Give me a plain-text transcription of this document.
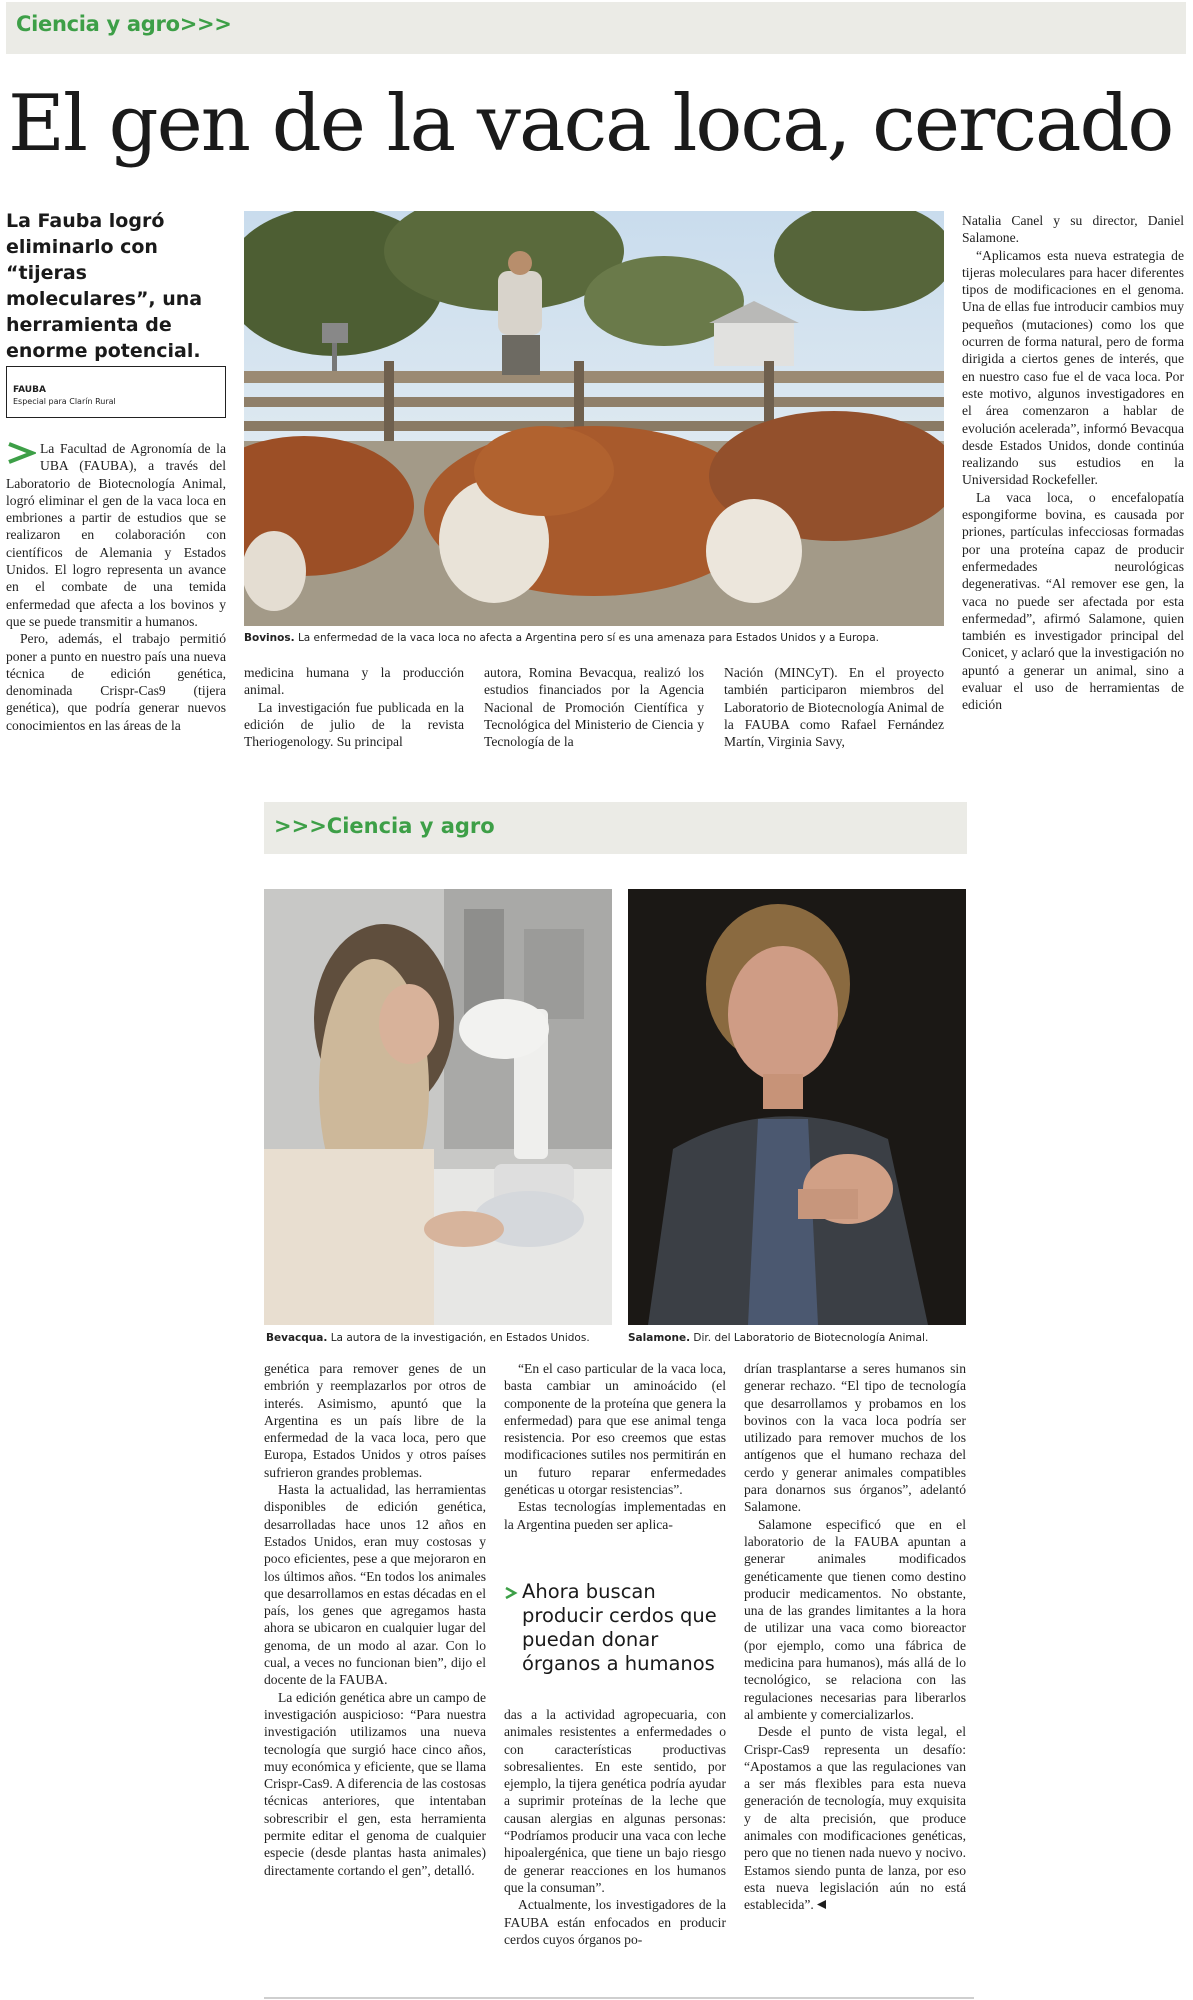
Ciencia y agro>>>
El gen de la vaca loca, cercado
La Fauba logró eliminarlo con “tijeras moleculares”, una herramienta de enorme potencial.
FAUBA
Especial para Clarín Rural

La Facultad de Agronomía de la UBA (FAUBA), a través del Laboratorio de Biotecnología Animal, logró eliminar el gen de la vaca loca en embriones a partir de estudios que se realizaron en colaboración con científicos de Alemania y Estados Unidos. El logro representa un avance en el combate de una temida enfermedad que afecta a los bovinos y que se puede transmitir a humanos.

Pero, además, el trabajo permitió poner a punto en nuestro país una nueva técnica de edición genética, denominada Crispr-Cas9 (tijera genética), que podría generar nuevos conocimientos en las áreas de la

Bovinos. La enfermedad de la vaca loca no afecta a Argentina pero sí es una amenaza para Estados Unidos y a Europa.

medicina humana y la producción animal.

La investigación fue publicada en la edición de julio de la revista Theriogenology. Su principal

autora, Romina Bevacqua, realizó los estudios financiados por la Agencia Nacional de Promoción Científica y Tecnológica del Ministerio de Ciencia y Tecnología de la

Nación (MINCyT). En el proyecto también participaron miembros del Laboratorio de Biotecnología Animal de la FAUBA como Rafael Fernández Martín, Virginia Savy,

Natalia Canel y su director, Daniel Salamone.

“Aplicamos esta nueva estrategia de tijeras moleculares para hacer diferentes tipos de modificaciones en el genoma. Una de ellas fue introducir cambios muy pequeños (mutaciones) como los que ocurren de forma natural, pero de forma dirigida a ciertos genes de interés, que en nuestro caso fue el de vaca loca. Por este motivo, algunos investigadores en el área comenzaron a hablar de evolución acelerada”, informó Bevacqua desde Estados Unidos, donde continúa realizando sus estudios en la Universidad Rockefeller.

La vaca loca, o encefalopatía espongiforme bovina, es causada por priones, partículas infecciosas formadas por una proteína capaz de producir enfermedades neurológicas degenerativas. “Al remover ese gen, la vaca no puede ser afectada por esta enfermedad”, afirmó Salamone, quien también es investigador principal del Conicet, y aclaró que la investigación no apuntó a generar un animal, sino a evaluar el uso de herramientas de edición

>>>Ciencia y agro
Bevacqua. La autora de la investigación, en Estados Unidos.	Salamone. Dir. del Laboratorio de Biotecnología Animal.

genética para remover genes de un embrión y reemplazarlos por otros de interés. Asimismo, apuntó que la Argentina es un país libre de la enfermedad de la vaca loca, pero que Europa, Estados Unidos y otros países sufrieron grandes problemas.

Hasta la actualidad, las herramientas disponibles de edición genética, desarrolladas hace unos 12 años en Estados Unidos, eran muy costosas y poco eficientes, pese a que mejoraron en los últimos años. “En todos los animales que desarrollamos en estas décadas en el país, los genes que agregamos hasta ahora se ubicaron en cualquier lugar del genoma, de un modo al azar. Con lo cual, a veces no funcionan bien”, dijo el docente de la FAUBA.

La edición genética abre un campo de investigación auspicioso: “Para nuestra investigación utilizamos una nueva tecnología que surgió hace cinco años, muy económica y eficiente, que se llama Crispr-Cas9. A diferencia de las costosas técnicas anteriores, que intentaban sobrescribir el gen, esta herramienta permite editar el genoma de cualquier especie (desde plantas hasta animales) directamente cortando el gen”, detalló.

“En el caso particular de la vaca loca, basta cambiar un aminoácido (el componente de la proteína que genera la enfermedad) para que ese animal tenga resistencia. Por eso creemos que estas modificaciones sutiles nos permitirán en un futuro reparar enfermedades genéticas u otorgar resistencias”.

Estas tecnologías implementadas en la Argentina pueden ser aplica-

Ahora buscan producir cerdos que puedan donar órganos a humanos

das a la actividad agropecuaria, con animales resistentes a enfermedades o con características productivas sobresalientes. En este sentido, por ejemplo, la tijera genética podría ayudar a suprimir proteínas de la leche que causan alergias en algunas personas: “Podríamos producir una vaca con leche hipoalergénica, que tiene un bajo riesgo de generar reacciones en los humanos que la consuman”.

Actualmente, los investigadores de la FAUBA están enfocados en producir cerdos cuyos órganos po-

drían trasplantarse a seres humanos sin generar rechazo. “El tipo de tecnología que desarrollamos y probamos en los bovinos con la vaca loca podría ser utilizado para remover muchos de los antígenos que el humano rechaza del cerdo y generar animales compatibles para donarnos sus órganos”, adelantó Salamone.

Salamone especificó que en el laboratorio de la FAUBA apuntan a generar animales modificados genéticamente que tienen como destino producir medicamentos. No obstante, una de las grandes limitantes a la hora de utilizar una vaca como bioreactor (por ejemplo, como una fábrica de medicina para humanos), más allá de lo tecnológico, se relaciona con las regulaciones necesarias para liberarlos al ambiente y comercializarlos.

Desde el punto de vista legal, el Crispr-Cas9 representa un desafío: “Apostamos a que las regulaciones van a ser más flexibles para esta nueva generación de tecnología, muy exquisita y de alta precisión, que produce animales con modificaciones genéticas, pero que no tienen nada nuevo y nocivo. Estamos siendo punta de lanza, por eso esta nueva legislación aún no está establecida”.
